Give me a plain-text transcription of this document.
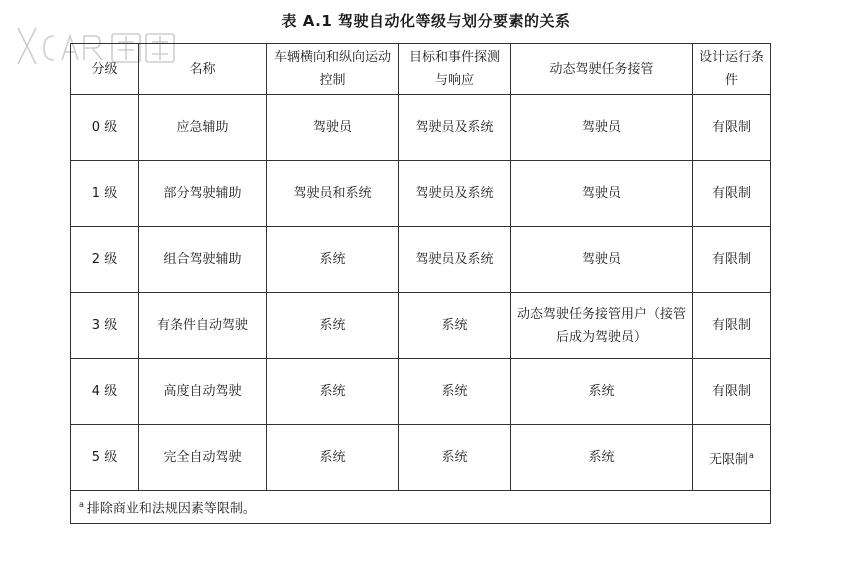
表 A.1 驾驶自动化等级与划分要素的关系
分级	名称	车辆横向和纵向运动控制	目标和事件探测与响应	动态驾驶任务接管	设计运行条件
0 级	应急辅助	驾驶员	驾驶员及系统	驾驶员	有限制
1 级	部分驾驶辅助	驾驶员和系统	驾驶员及系统	驾驶员	有限制
2 级	组合驾驶辅助	系统	驾驶员及系统	驾驶员	有限制
3 级	有条件自动驾驶	系统	系统	动态驾驶任务接管用户（接管后成为驾驶员）	有限制
4 级	高度自动驾驶	系统	系统	系统	有限制
5 级	完全自动驾驶	系统	系统	系统	无限制$^a$
$^a$ 排除商业和法规因素等限制。					
